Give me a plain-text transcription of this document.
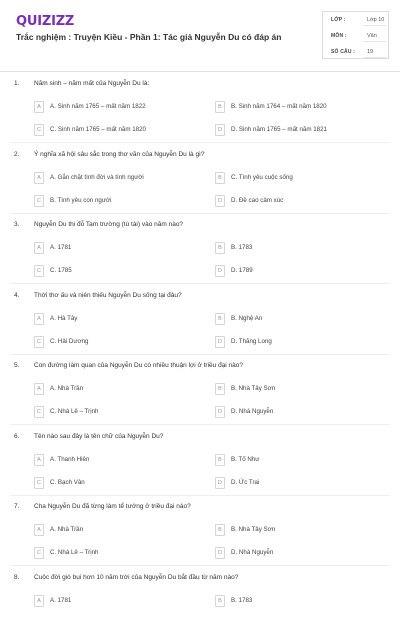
QUIZIZZ
Trắc nghiệm : Truyện Kiều - Phần 1: Tác giả Nguyễn Du có đáp án
LỚP :	Lớp 10
MÔN :	Văn
SỐ CÂU : 19
1. Năm sinh – năm mất của Nguyễn Du là:
A	A. Sinh năm 1765 – mất năm 1822	B	B. Sinh năm 1764 – mất năm 1820
C	C. Sinh năm 1765 – mất năm 1820	D	D. Sinh năm 1765 – mất năm 1821
2. Ý nghĩa xã hội sâu sắc trong thơ văn của Nguyễn Du là gì?
A	A. Gắn chặt tình đời và tình người	B	C. Tình yêu cuộc sống
C	B. Tình yêu con người	D	D. Đề cao cảm xúc
3. Nguyễn Du thi đỗ Tam trường (tú tài) vào năm nào?
A	A. 1781	B	B. 1783
C	C. 1785	D	D. 1789
4. Thời thơ ấu và niên thiếu Nguyễn Du sống tại đâu?
A	A. Hà Tây	B	B. Nghệ An
C	C. Hải Dương	D	D. Thăng Long
5. Con đường làm quan của Nguyễn Du có nhiều thuận lợi ở triều đại nào?
A	A. Nhà Trần	B	B. Nhà Tây Sơn
C	C. Nhà Lê – Trịnh	D	D. Nhà Nguyễn
6. Tên nào sau đây là tên chữ của Nguyễn Du?
A	A. Thanh Hiên	B	B. Tố Như
C	C. Bạch Vân	D	D. Ức Trai
7. Cha Nguyễn Du đã từng làm tể tướng ở triều đại nào?
A	A. Nhà Trần	B	B. Nhà Tây Sơn
C	C. Nhà Lê – Trịnh	D	D. Nhà Nguyễn
8. Cuộc đời gió bụi hơn 10 năm trời của Nguyễn Du bắt đầu từ năm nào?
A	A. 1781	B	B. 1783
